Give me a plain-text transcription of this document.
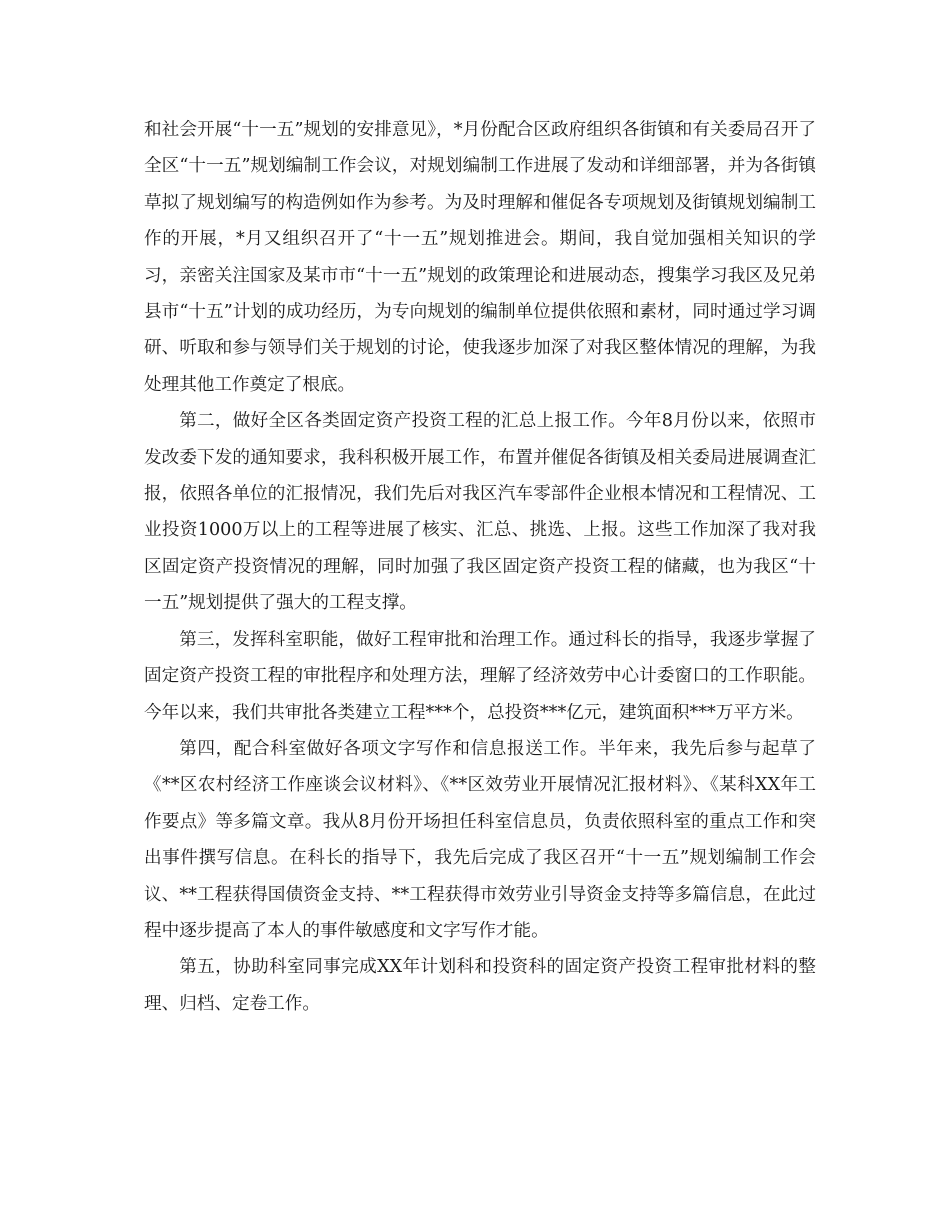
和社会开展“十一五”规划的安排意见》，*月份配合区政府组织各街镇和有关委局召开了全区“十一五”规划编制工作会议，对规划编制工作进展了发动和详细部署，并为各街镇草拟了规划编写的构造例如作为参考。为及时理解和催促各专项规划及街镇规划编制工作的开展，*月又组织召开了“十一五”规划推进会。期间，我自觉加强相关知识的学习，亲密关注国家及某市市“十一五”规划的政策理论和进展动态，搜集学习我区及兄弟县市“十五”计划的成功经历，为专向规划的编制单位提供依照和素材，同时通过学习调研、听取和参与领导们关于规划的讨论，使我逐步加深了对我区整体情况的理解，为我处理其他工作奠定了根底。

第二，做好全区各类固定资产投资工程的汇总上报工作。今年8月份以来，依照市发改委下发的通知要求，我科积极开展工作，布置并催促各街镇及相关委局进展调查汇报，依照各单位的汇报情况，我们先后对我区汽车零部件企业根本情况和工程情况、工业投资1000万以上的工程等进展了核实、汇总、挑选、上报。这些工作加深了我对我区固定资产投资情况的理解，同时加强了我区固定资产投资工程的储藏，也为我区“十一五”规划提供了强大的工程支撑。

第三，发挥科室职能，做好工程审批和治理工作。通过科长的指导，我逐步掌握了固定资产投资工程的审批程序和处理方法，理解了经济效劳中心计委窗口的工作职能。今年以来，我们共审批各类建立工程***个，总投资***亿元，建筑面积***万平方米。

第四，配合科室做好各项文字写作和信息报送工作。半年来，我先后参与起草了《**区农村经济工作座谈会议材料》、《**区效劳业开展情况汇报材料》、《某科XX年工作要点》等多篇文章。我从8月份开场担任科室信息员，负责依照科室的重点工作和突出事件撰写信息。在科长的指导下，我先后完成了我区召开“十一五”规划编制工作会议、**工程获得国债资金支持、**工程获得市效劳业引导资金支持等多篇信息，在此过程中逐步提高了本人的事件敏感度和文字写作才能。

第五，协助科室同事完成XX年计划科和投资科的固定资产投资工程审批材料的整理、归档、定卷工作。
